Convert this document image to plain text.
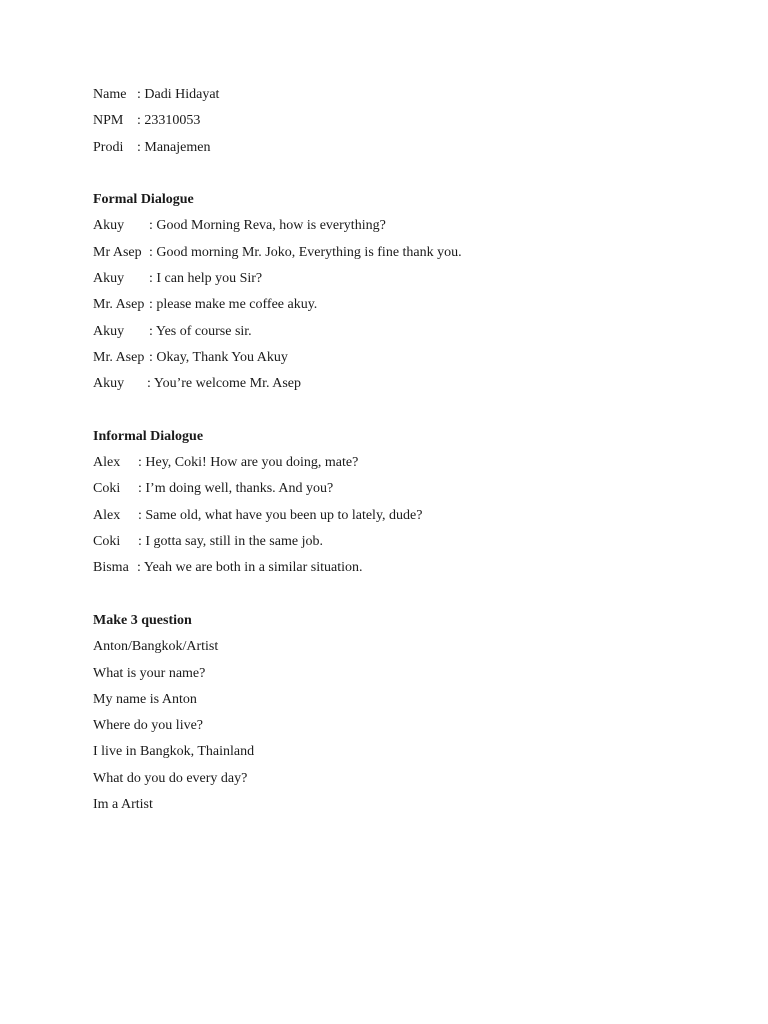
Name : Dadi Hidayat
NPM : 23310053
Prodi : Manajemen
Formal Dialogue
Akuy	: Good Morning Reva, how is everything?
Mr Asep : Good morning Mr. Joko, Everything is fine thank you.
Akuy	: I can help you Sir?
Mr. Asep : please make me coffee akuy.
Akuy	: Yes of course sir.
Mr. Asep : Okay, Thank You Akuy
Akuy	: You’re welcome Mr. Asep
Informal Dialogue
Alex	: Hey, Coki! How are you doing, mate?
Coki	: I’m doing well, thanks. And you?
Alex	: Same old, what have you been up to lately, dude?
Coki	: I gotta say, still in the same job.
Bisma : Yeah we are both in a similar situation.
Make 3 question
Anton/Bangkok/Artist
What is your name?
My name is Anton
Where do you live?
I live in Bangkok, Thainland
What do you do every day?
Im a Artist
